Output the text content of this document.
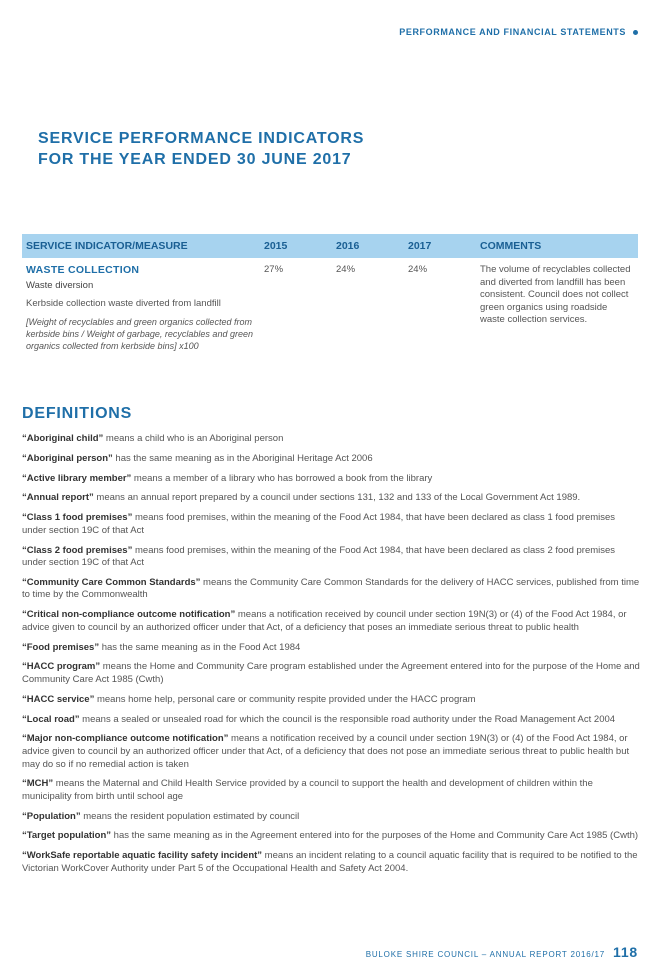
PERFORMANCE AND FINANCIAL STATEMENTS
SERVICE PERFORMANCE INDICATORS
FOR THE YEAR ENDED 30 JUNE 2017
SERVICE INDICATOR/MEASURE	2015	2016	2017	COMMENTS

WASTE COLLECTION
Waste diversion
Kerbside collection waste diverted from landfill
[Weight of recyclables and green organics collected from kerbside bins / Weight of garbage, recyclables and green organics collected from kerbside bins] x100	27%	24%	24%	The volume of recyclables collected and diverted from landfill has been consistent. Council does not collect green organics using roadside waste collection services.
DEFINITIONS

“Aboriginal child” means a child who is an Aboriginal person

“Aboriginal person” has the same meaning as in the Aboriginal Heritage Act 2006

“Active library member” means a member of a library who has borrowed a book from the library

“Annual report” means an annual report prepared by a council under sections 131, 132 and 133 of the Local Government Act 1989.

“Class 1 food premises” means food premises, within the meaning of the Food Act 1984, that have been declared as class 1 food premises under section 19C of that Act

“Class 2 food premises” means food premises, within the meaning of the Food Act 1984, that have been declared as class 2 food premises under section 19C of that Act

“Community Care Common Standards” means the Community Care Common Standards for the delivery of HACC services, published from time to time by the Commonwealth

“Critical non-compliance outcome notification” means a notification received by council under section 19N(3) or (4) of the Food Act 1984, or advice given to council by an authorized officer under that Act, of a deficiency that poses an immediate serious threat to public health

“Food premises” has the same meaning as in the Food Act 1984

“HACC program” means the Home and Community Care program established under the Agreement entered into for the purpose of the Home and Community Care Act 1985 (Cwth)

“HACC service” means home help, personal care or community respite provided under the HACC program

“Local road” means a sealed or unsealed road for which the council is the responsible road authority under the Road Management Act 2004

“Major non-compliance outcome notification” means a notification received by a council under section 19N(3) or (4) of the Food Act 1984, or advice given to council by an authorized officer under that Act, of a deficiency that does not pose an immediate serious threat to public health but may do so if no remedial action is taken

“MCH” means the Maternal and Child Health Service provided by a council to support the health and development of children within the municipality from birth until school age

“Population” means the resident population estimated by council

“Target population” has the same meaning as in the Agreement entered into for the purposes of the Home and Community Care Act 1985 (Cwth)

“WorkSafe reportable aquatic facility safety incident” means an incident relating to a council aquatic facility that is required to be notified to the Victorian WorkCover Authority under Part 5 of the Occupational Health and Safety Act 2004.

BULOKE SHIRE COUNCIL – ANNUAL REPORT 2016/17 118
